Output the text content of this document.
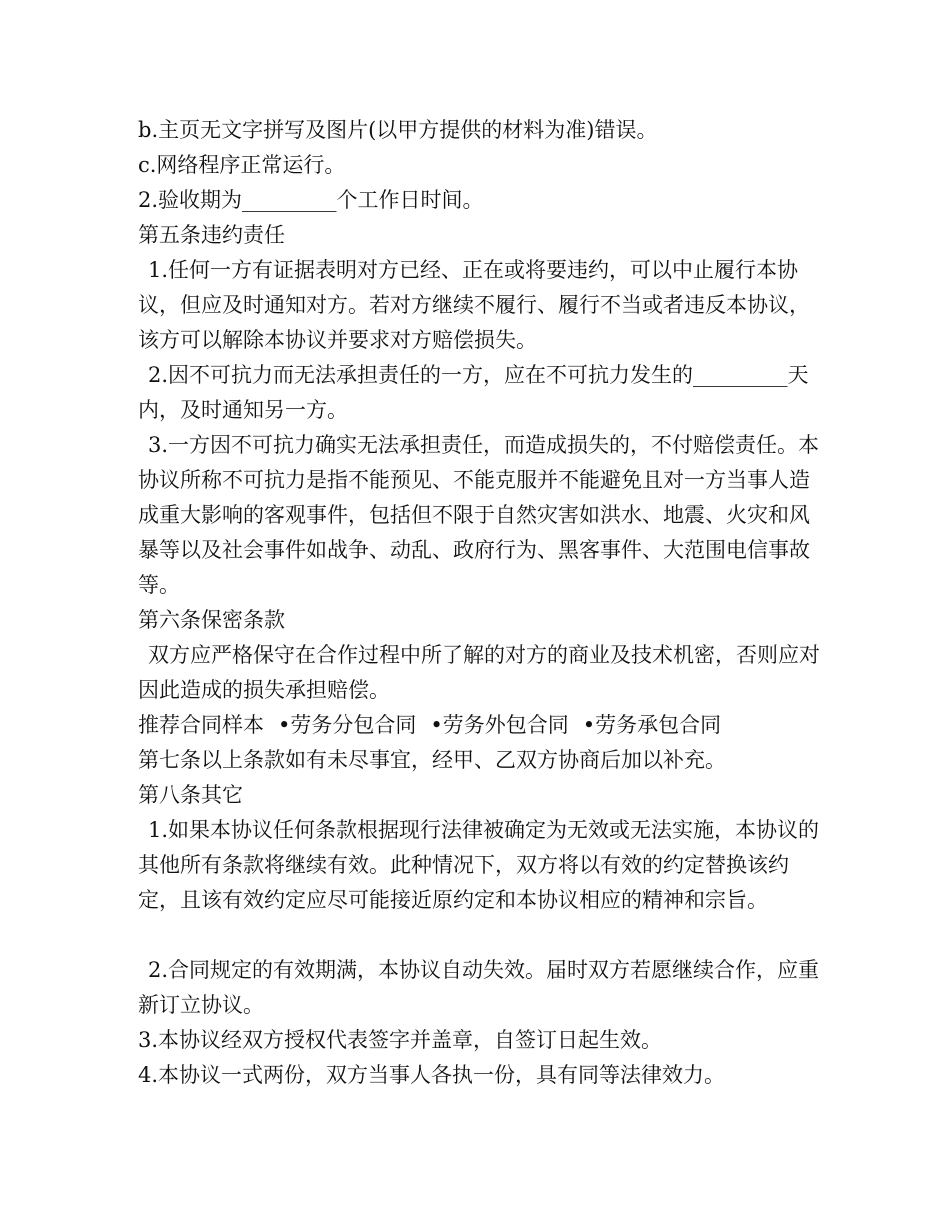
b.主页无文字拼写及图片(以甲方提供的材料为准)错误。

c.网络程序正常运行。

2.验收期为_________个工作日时间。

第五条违约责任

1.任何一方有证据表明对方已经、正在或将要违约，可以中止履行本协议，但应及时通知对方。若对方继续不履行、履行不当或者违反本协议，该方可以解除本协议并要求对方赔偿损失。

2.因不可抗力而无法承担责任的一方，应在不可抗力发生的_________天内，及时通知另一方。

3.一方因不可抗力确实无法承担责任，而造成损失的，不付赔偿责任。本协议所称不可抗力是指不能预见、不能克服并不能避免且对一方当事人造成重大影响的客观事件，包括但不限于自然灾害如洪水、地震、火灾和风暴等以及社会事件如战争、动乱、政府行为、黑客事件、大范围电信事故等。

第六条保密条款

双方应严格保守在合作过程中所了解的对方的商业及技术机密，否则应对因此造成的损失承担赔偿。

推荐合同样本 •劳务分包合同 •劳务外包合同 •劳务承包合同

第七条以上条款如有未尽事宜，经甲、乙双方协商后加以补充。

第八条其它

1.如果本协议任何条款根据现行法律被确定为无效或无法实施，本协议的其他所有条款将继续有效。此种情况下，双方将以有效的约定替换该约定，且该有效约定应尽可能接近原约定和本协议相应的精神和宗旨。

2.合同规定的有效期满，本协议自动失效。届时双方若愿继续合作，应重新订立协议。

3.本协议经双方授权代表签字并盖章，自签订日起生效。

4.本协议一式两份，双方当事人各执一份，具有同等法律效力。
